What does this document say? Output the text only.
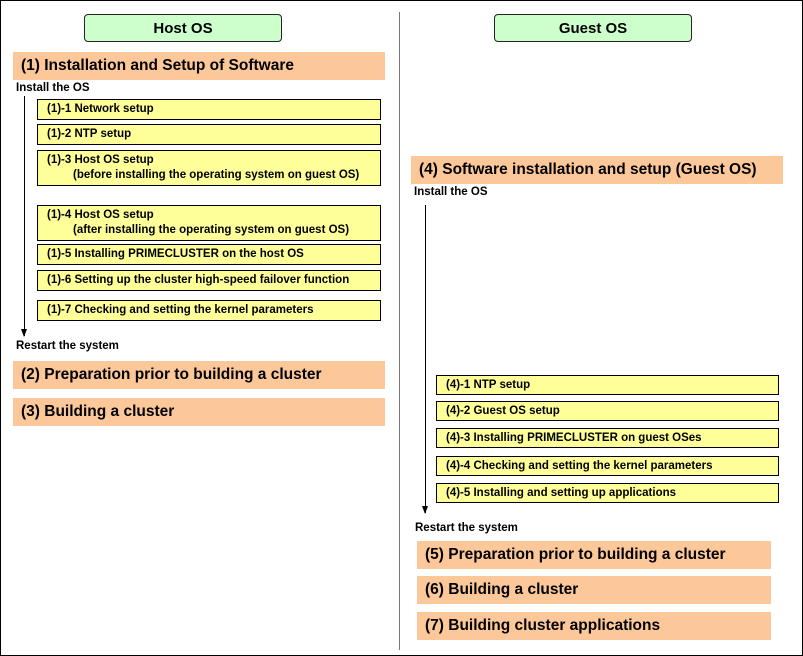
Host OS
(1) Installation and Setup of Software
Install the OS
(1)-1 Network setup
(1)-2 NTP setup
(1)-3 Host OS setup
(before installing the operating system on guest OS)
(1)-4 Host OS setup
(after installing the operating system on guest OS)
(1)-5 Installing PRIMECLUSTER on the host OS
(1)-6 Setting up the cluster high-speed failover function
(1)-7 Checking and setting the kernel parameters
Restart the system
(2) Preparation prior to building a cluster
(3) Building a cluster
Guest OS
(4) Software installation and setup (Guest OS)
Install the OS
(4)-1 NTP setup
(4)-2 Guest OS setup
(4)-3 Installing PRIMECLUSTER on guest OSes
(4)-4 Checking and setting the kernel parameters
(4)-5 Installing and setting up applications
Restart the system
(5) Preparation prior to building a cluster
(6) Building a cluster
(7) Building cluster applications
